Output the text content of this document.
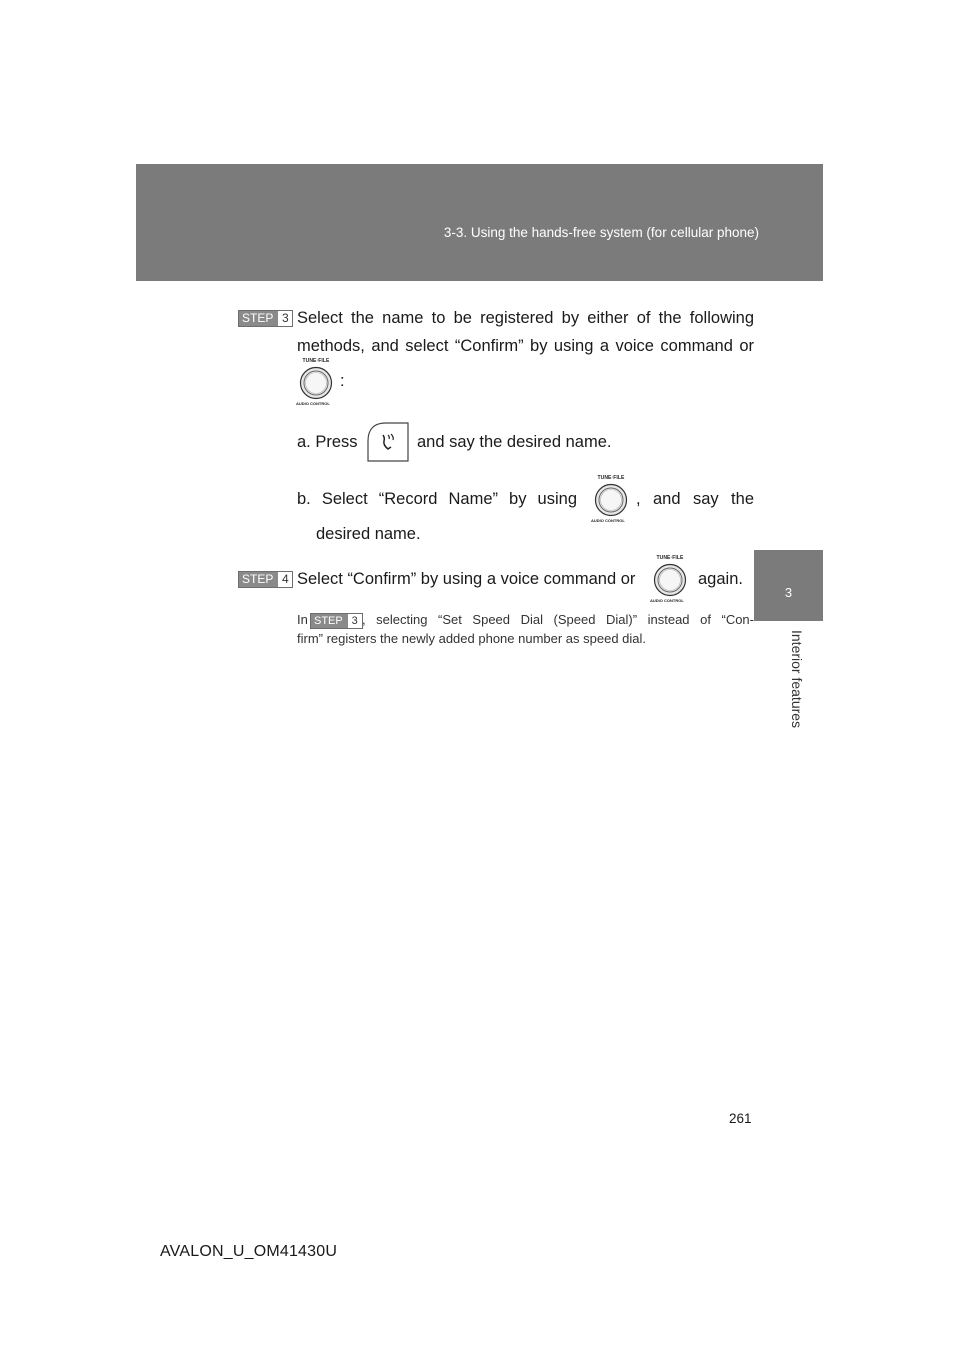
3-3. Using the hands-free system (for cellular phone)
3
Interior features
STEP 3 Select the name to be registered by either of the following
methods, and select “Confirm” by using a voice command or
TUNE·FILE
AUDIO CONTROL
:
a. Press	and say the desired name.
b. Select “Record Name” by using
TUNE·FILE
AUDIO CONTROL
, and say the
desired name.
STEP 4 Select “Confirm” by using a voice command or
TUNE·FILE
AUDIO CONTROL
again.
In STEP 3 , selecting “Set Speed Dial (Speed Dial)” instead of “Con-
firm” registers the newly added phone number as speed dial.
261
AVALON_U_OM41430U
